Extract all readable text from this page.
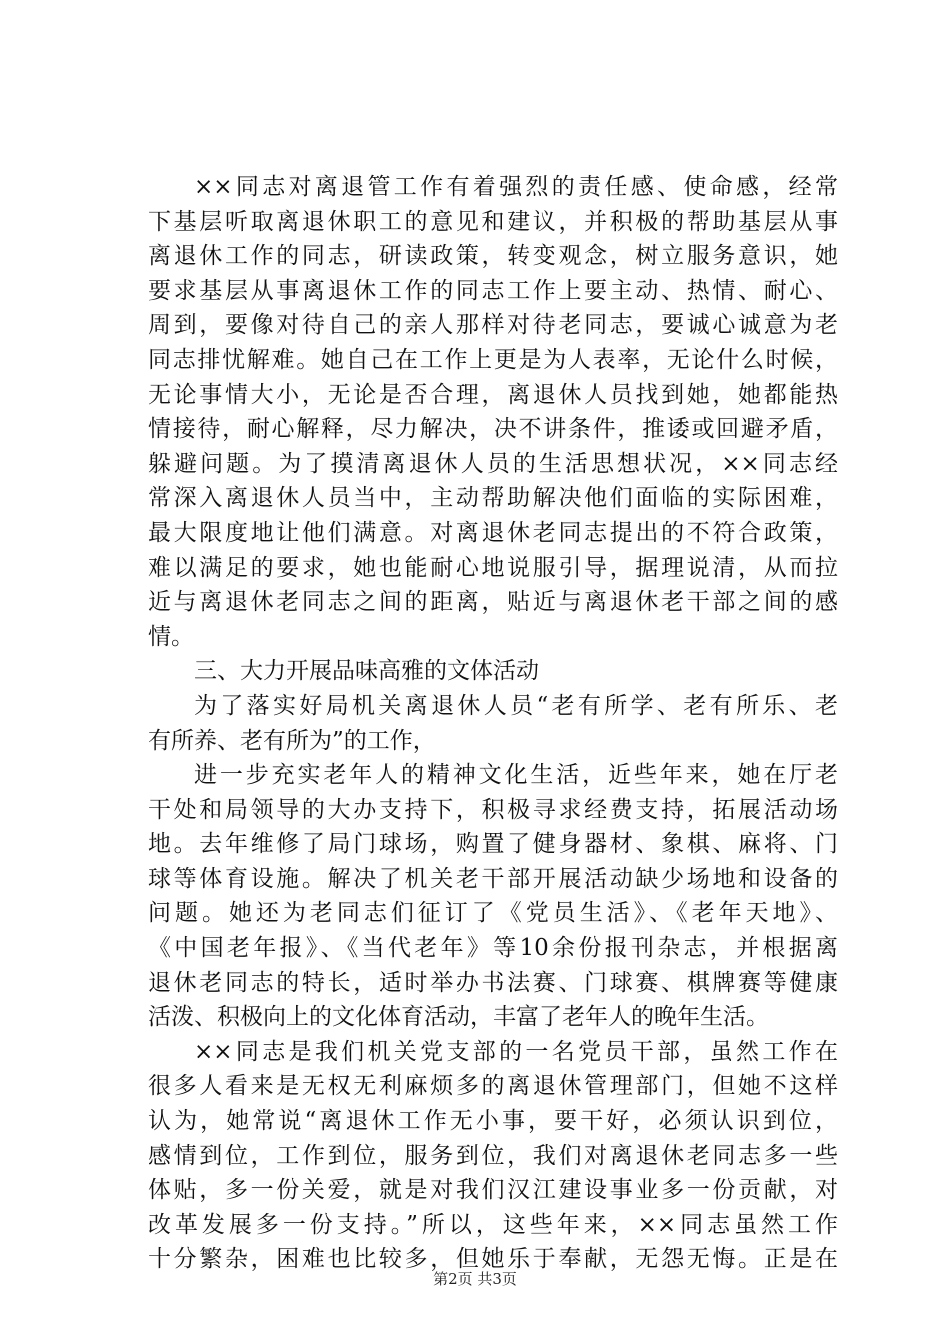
××同志对离退管工作有着强烈的责任感、使命感，经常
下基层听取离退休职工的意见和建议，并积极的帮助基层从事
离退休工作的同志，研读政策，转变观念，树立服务意识，她
要求基层从事离退休工作的同志工作上要主动、热情、耐心、
周到，要像对待自己的亲人那样对待老同志，要诚心诚意为老
同志排忧解难。她自己在工作上更是为人表率，无论什么时候，
无论事情大小，无论是否合理，离退休人员找到她，她都能热
情接待，耐心解释，尽力解决，决不讲条件，推诿或回避矛盾，
躲避问题。为了摸清离退休人员的生活思想状况，××同志经
常深入离退休人员当中，主动帮助解决他们面临的实际困难，
最大限度地让他们满意。对离退休老同志提出的不符合政策，
难以满足的要求，她也能耐心地说服引导，据理说清，从而拉
近与离退休老同志之间的距离，贴近与离退休老干部之间的感
情。
三、大力开展品味高雅的文体活动
为了落实好局机关离退休人员“老有所学、老有所乐、老
有所养、老有所为”的工作，
进一步充实老年人的精神文化生活，近些年来，她在厅老
干处和局领导的大办支持下，积极寻求经费支持，拓展活动场
地。去年维修了局门球场，购置了健身器材、象棋、麻将、门
球等体育设施。解决了机关老干部开展活动缺少场地和设备的
问题。她还为老同志们征订了《党员生活》、《老年天地》、
《中国老年报》、《当代老年》等10余份报刊杂志，并根据离
退休老同志的特长，适时举办书法赛、门球赛、棋牌赛等健康
活泼、积极向上的文化体育活动，丰富了老年人的晚年生活。
××同志是我们机关党支部的一名党员干部，虽然工作在
很多人看来是无权无利麻烦多的离退休管理部门，但她不这样
认为，她常说“离退休工作无小事，要干好，必须认识到位，
感情到位，工作到位，服务到位，我们对离退休老同志多一些
体贴，多一份关爱，就是对我们汉江建设事业多一份贡献，对
改革发展多一份支持。”所以，这些年来，××同志虽然工作
十分繁杂，困难也比较多，但她乐于奉献，无怨无悔。正是在
第2页 共3页
